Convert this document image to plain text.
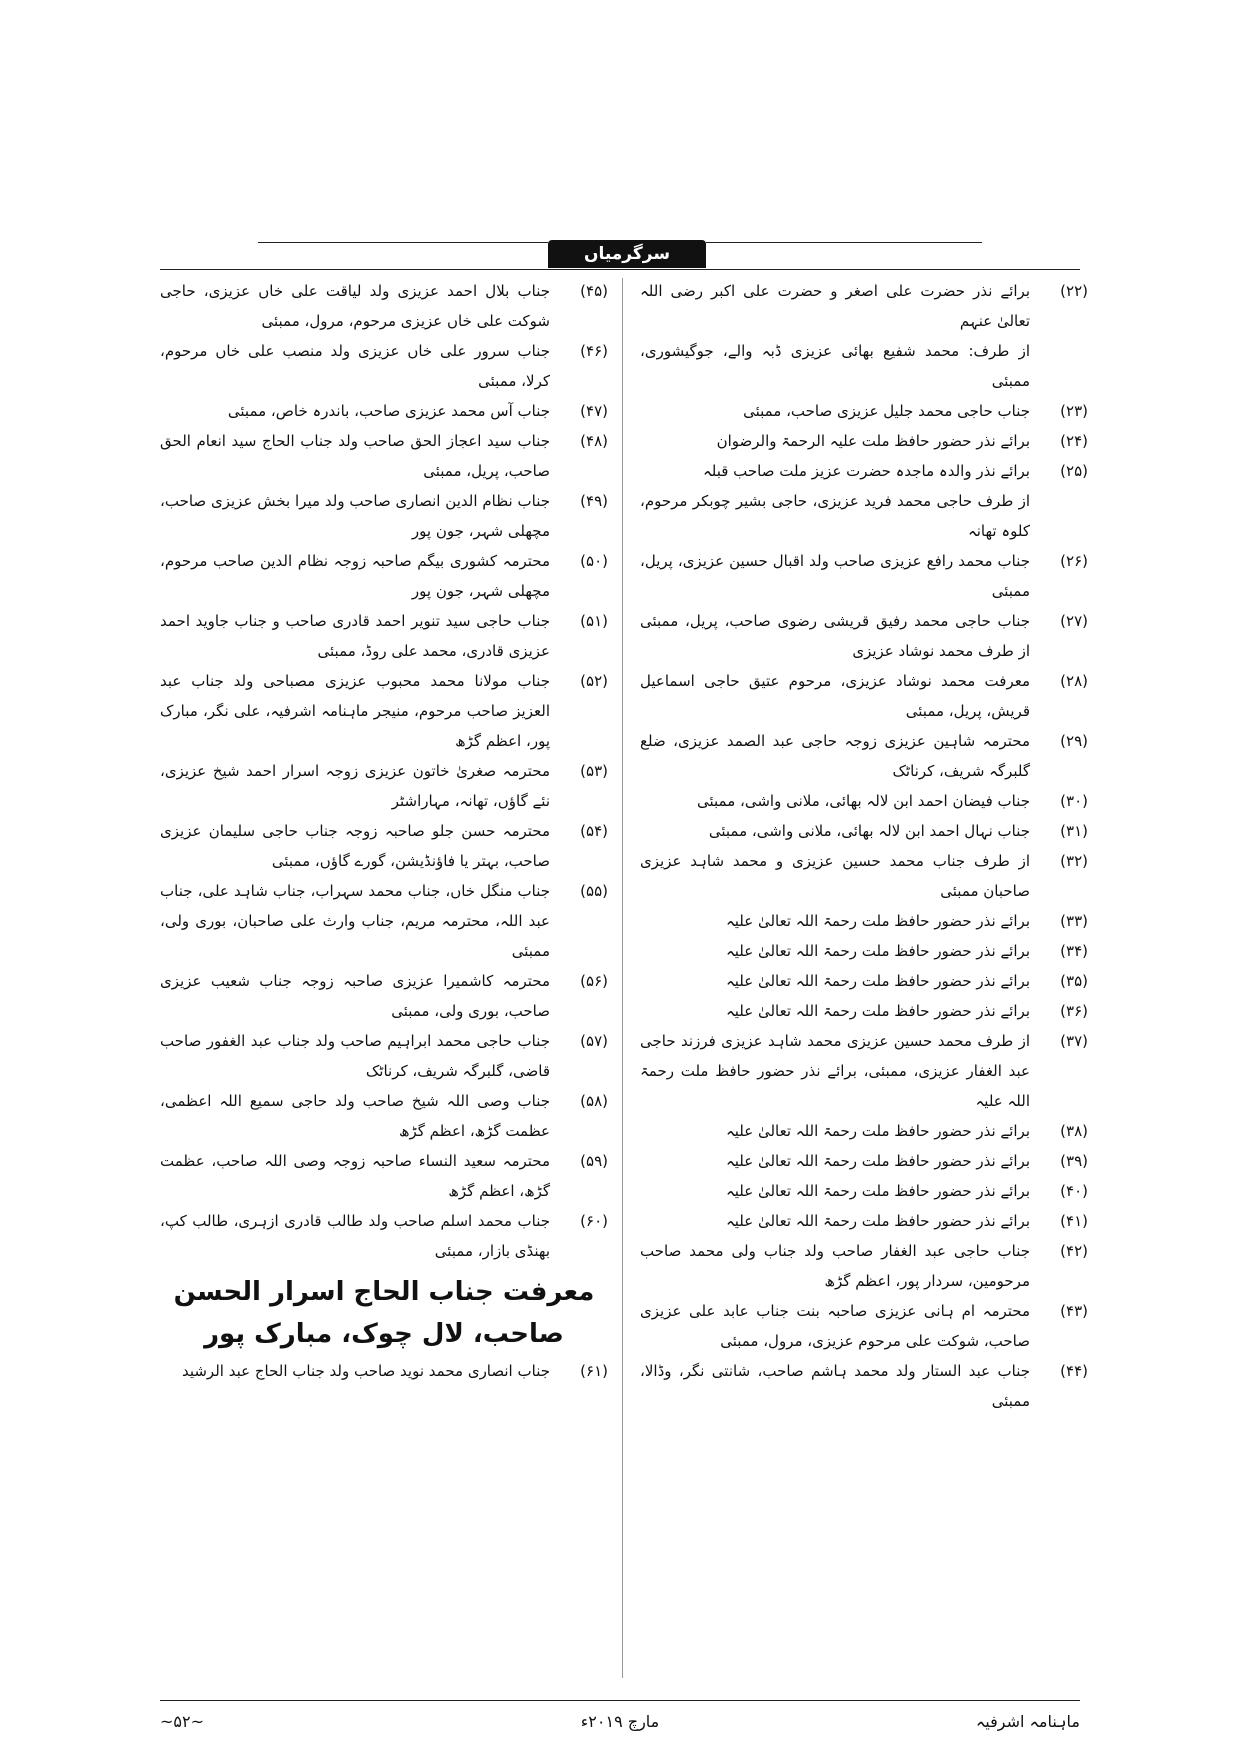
سرگرمیاں
(۲۲)
برائے نذر حضرت علی اصغر و حضرت علی اکبر رضی اللہ تعالیٰ عنہم
از طرف: محمد شفیع بھائی عزیزی ڈبہ والے، جوگیشوری، ممبئی
(۲۳)
جناب حاجی محمد جلیل عزیزی صاحب، ممبئی
(۲۴)
برائے نذر حضور حافظ ملت علیہ الرحمۃ والرضوان
(۲۵)
برائے نذر والدہ ماجدہ حضرت عزیز ملت صاحب قبلہ
از طرف حاجی محمد فرید عزیزی، حاجی بشیر چوبکر مرحوم، کلوہ تھانہ
(۲۶)
جناب محمد رافع عزیزی صاحب ولد اقبال حسین عزیزی، پریل، ممبئی
(۲۷)
جناب حاجی محمد رفیق قریشی رضوی صاحب، پریل، ممبئی از طرف محمد نوشاد عزیزی
(۲۸)
معرفت محمد نوشاد عزیزی، مرحوم عتیق حاجی اسماعیل قریش، پریل، ممبئی
(۲۹)
محترمہ شاہین عزیزی زوجہ حاجی عبد الصمد عزیزی، ضلع گلبرگہ شریف، کرناٹک
(۳۰)
جناب فیضان احمد ابن لالہ بھائی، ملانی واشی، ممبئی
(۳۱)
جناب نہال احمد ابن لالہ بھائی، ملانی واشی، ممبئی
(۳۲)
از طرف جناب محمد حسین عزیزی و محمد شاہد عزیزی صاحبان ممبئی
(۳۳)
برائے نذر حضور حافظ ملت رحمۃ اللہ تعالیٰ علیہ
(۳۴)
برائے نذر حضور حافظ ملت رحمۃ اللہ تعالیٰ علیہ
(۳۵)
برائے نذر حضور حافظ ملت رحمۃ اللہ تعالیٰ علیہ
(۳۶)
برائے نذر حضور حافظ ملت رحمۃ اللہ تعالیٰ علیہ
(۳۷)
از طرف محمد حسین عزیزی محمد شاہد عزیزی فرزند حاجی عبد الغفار عزیزی، ممبئی، برائے نذر حضور حافظ ملت رحمۃ اللہ علیہ
(۳۸)
برائے نذر حضور حافظ ملت رحمۃ اللہ تعالیٰ علیہ
(۳۹)
برائے نذر حضور حافظ ملت رحمۃ اللہ تعالیٰ علیہ
(۴۰)
برائے نذر حضور حافظ ملت رحمۃ اللہ تعالیٰ علیہ
(۴۱)
برائے نذر حضور حافظ ملت رحمۃ اللہ تعالیٰ علیہ
(۴۲)
جناب حاجی عبد الغفار صاحب ولد جناب ولی محمد صاحب مرحومین، سردار پور، اعظم گڑھ
(۴۳)
محترمہ ام ہانی عزیزی صاحبہ بنت جناب عابد علی عزیزی صاحب، شوکت علی مرحوم عزیزی، مرول، ممبئی
(۴۴)
جناب عبد الستار ولد محمد ہاشم صاحب، شانتی نگر، وڈالا، ممبئی
(۴۵)
جناب بلال احمد عزیزی ولد لیاقت علی خاں عزیزی، حاجی شوکت علی خاں عزیزی مرحوم، مرول، ممبئی
(۴۶)
جناب سرور علی خاں عزیزی ولد منصب علی خاں مرحوم، کرلا، ممبئی
(۴۷)
جناب آس محمد عزیزی صاحب، باندرہ خاص، ممبئی
(۴۸)
جناب سید اعجاز الحق صاحب ولد جناب الحاج سید انعام الحق صاحب، پریل، ممبئی
(۴۹)
جناب نظام الدین انصاری صاحب ولد میرا بخش عزیزی صاحب، مچھلی شہر، جون پور
(۵۰)
محترمہ کشوری بیگم صاحبہ زوجہ نظام الدین صاحب مرحوم، مچھلی شہر، جون پور
(۵۱)
جناب حاجی سید تنویر احمد قادری صاحب و جناب جاوید احمد عزیزی قادری، محمد علی روڈ، ممبئی
(۵۲)
جناب مولانا محمد محبوب عزیزی مصباحی ولد جناب عبد العزیز صاحب مرحوم، منیجر ماہنامہ اشرفیہ، علی نگر، مبارک پور، اعظم گڑھ
(۵۳)
محترمہ صغریٰ خاتون عزیزی زوجہ اسرار احمد شیخ عزیزی، نئے گاؤں، تھانہ، مہاراشٹر
(۵۴)
محترمہ حسن جلو صاحبہ زوجہ جناب حاجی سلیمان عزیزی صاحب، بہتر یا فاؤنڈیشن، گورے گاؤں، ممبئی
(۵۵)
جناب منگل خاں، جناب محمد سہراب، جناب شاہد علی، جناب عبد اللہ، محترمہ مریم، جناب وارث علی صاحبان، بوری ولی، ممبئی
(۵۶)
محترمہ کاشمیرا عزیزی صاحبہ زوجہ جناب شعیب عزیزی صاحب، بوری ولی، ممبئی
(۵۷)
جناب حاجی محمد ابراہیم صاحب ولد جناب عبد الغفور صاحب قاضی، گلبرگہ شریف، کرناٹک
(۵۸)
جناب وصی اللہ شیخ صاحب ولد حاجی سمیع اللہ اعظمی، عظمت گڑھ، اعظم گڑھ
(۵۹)
محترمہ سعید النساء صاحبہ زوجہ وصی اللہ صاحب، عظمت گڑھ، اعظم گڑھ
(۶۰)
جناب محمد اسلم صاحب ولد طالب قادری ازہری، طالب کپ، بھنڈی بازار، ممبئی
معرفت جناب الحاج اسرار الحسن
صاحب، لال چوک، مبارک پور
(۶۱)
جناب انصاری محمد نوید صاحب ولد جناب الحاج عبد الرشید
ماہنامہ اشرفیہ
مارچ ۲۰۱۹ء
~۵۲~
